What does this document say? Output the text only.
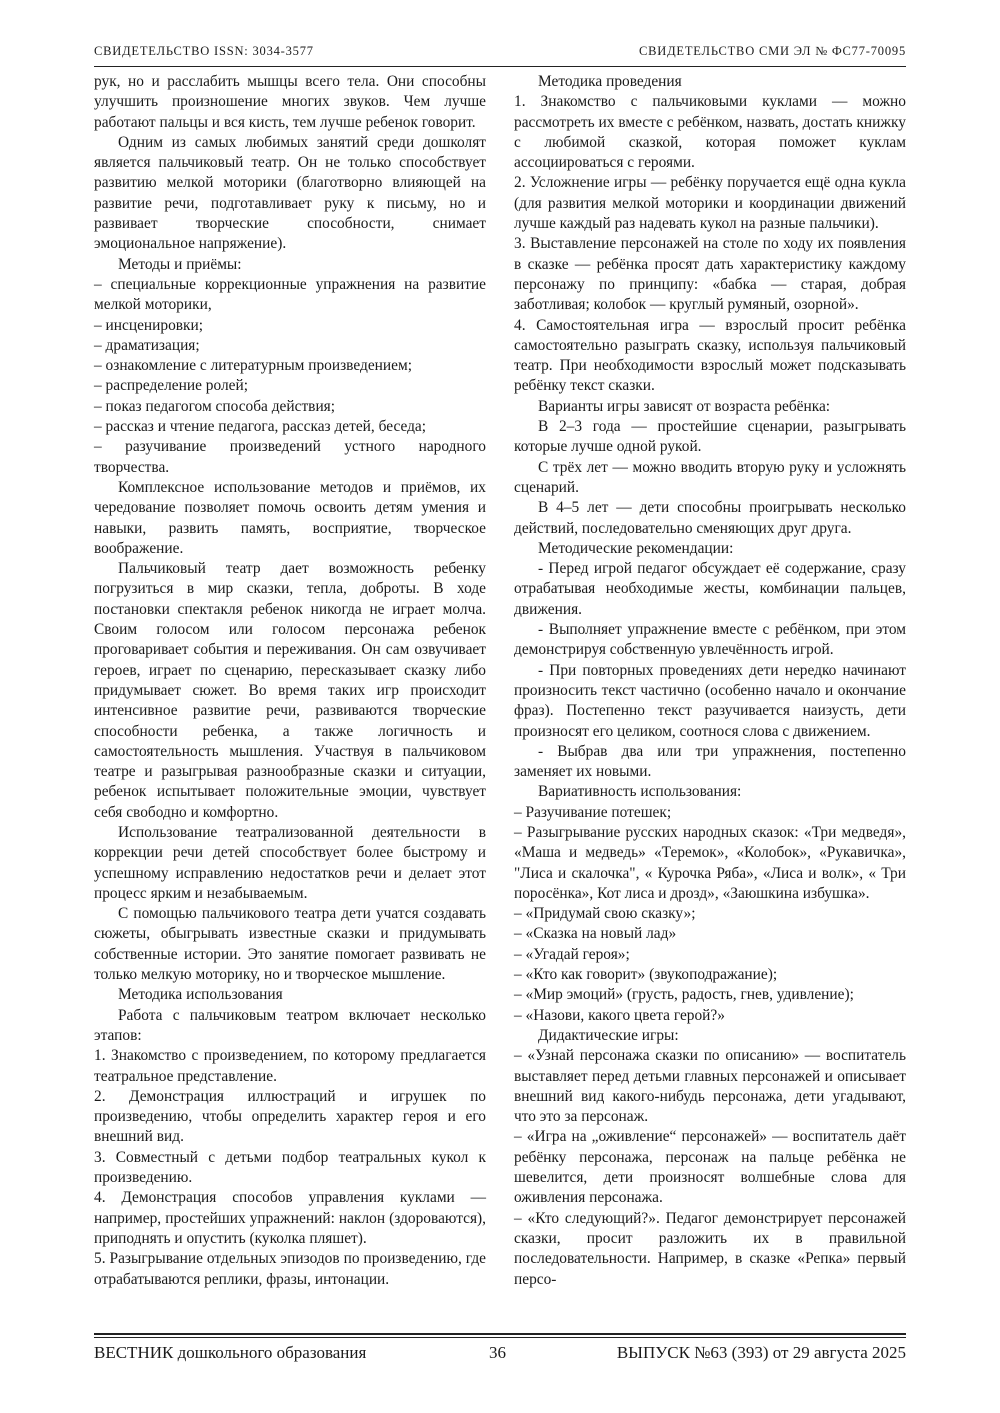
СВИДЕТЕЛЬСТВО ISSN: 3034-3577	СВИДЕТЕЛЬСТВО СМИ ЭЛ № ФС77-70095

рук, но и расслабить мышцы всего тела. Они способны улучшить произношение многих звуков. Чем лучше работают пальцы и вся кисть, тем лучше ребенок говорит.

Одним из самых любимых занятий среди дошколят является пальчиковый театр. Он не только способствует развитию мелкой моторики (благотворно влияющей на развитие речи, подготавливает руку к письму, но и развивает творческие способности, снимает эмоциональное напряжение).

Методы и приёмы:

– специальные коррекционные упражнения на развитие мелкой моторики,

– инсценировки;

– драматизация;

– ознакомление с литературным произведением;

– распределение ролей;

– показ педагогом способа действия;

– рассказ и чтение педагога, рассказ детей, беседа;

– разучивание произведений устного народного творчества.

Комплексное использование методов и приёмов, их чередование позволяет помочь освоить детям умения и навыки, развить память, восприятие, творческое воображение.

Пальчиковый театр дает возможность ребенку погрузиться в мир сказки, тепла, доброты. В ходе постановки спектакля ребенок никогда не играет молча. Своим голосом или голосом персонажа ребенок проговаривает события и переживания. Он сам озвучивает героев, играет по сценарию, пересказывает сказку либо придумывает сюжет. Во время таких игр происходит интенсивное развитие речи, развиваются творческие способности ребенка, а также логичность и самостоятельность мышления. Участвуя в пальчиковом театре и разыгрывая разнообразные сказки и ситуации, ребенок испытывает положительные эмоции, чувствует себя свободно и комфортно.

Использование театрализованной деятельности в коррекции речи детей способствует более быстрому и успешному исправлению недостатков речи и делает этот процесс ярким и незабываемым.

С помощью пальчикового театра дети учатся создавать сюжеты, обыгрывать известные сказки и придумывать собственные истории. Это занятие помогает развивать не только мелкую моторику, но и творческое мышление.

Методика использования

Работа с пальчиковым театром включает несколько этапов:

1. Знакомство с произведением, по которому предлагается театральное представление.

2. Демонстрация иллюстраций и игрушек по произведению, чтобы определить характер героя и его внешний вид.

3. Совместный с детьми подбор театральных кукол к произведению.

4. Демонстрация способов управления куклами — например, простейших упражнений: наклон (здороваются), приподнять и опустить (куколка пляшет).

5. Разыгрывание отдельных эпизодов по произведению, где отрабатываются реплики, фразы, интонации.

Методика проведения

1. Знакомство с пальчиковыми куклами — можно рассмотреть их вместе с ребёнком, назвать, достать книжку с любимой сказкой, которая поможет куклам ассоциироваться с героями.

2. Усложнение игры — ребёнку поручается ещё одна кукла (для развития мелкой моторики и координации движений лучше каждый раз надевать кукол на разные пальчики).

3. Выставление персонажей на столе по ходу их появления в сказке — ребёнка просят дать характеристику каждому персонажу по принципу: «бабка — старая, добрая заботливая; колобок — круглый румяный, озорной».

4. Самостоятельная игра — взрослый просит ребёнка самостоятельно разыграть сказку, используя пальчиковый театр. При необходимости взрослый может подсказывать ребёнку текст сказки.

Варианты игры зависят от возраста ребёнка:

В 2–3 года — простейшие сценарии, разыгрывать которые лучше одной рукой.

С трёх лет — можно вводить вторую руку и усложнять сценарий.

В 4–5 лет — дети способны проигрывать несколько действий, последовательно сменяющих друг друга.

Методические рекомендации:

- Перед игрой педагог обсуждает её содержание, сразу отрабатывая необходимые жесты, комбинации пальцев, движения.

- Выполняет упражнение вместе с ребёнком, при этом демонстрируя собственную увлечённость игрой.

- При повторных проведениях дети нередко начинают произносить текст частично (особенно начало и окончание фраз). Постепенно текст разучивается наизусть, дети произносят его целиком, соотнося слова с движением.

- Выбрав два или три упражнения, постепенно заменяет их новыми.

Вариативность использования:

– Разучивание потешек;

– Разыгрывание русских народных сказок: «Три медведя», «Маша и медведь» «Теремок», «Колобок», «Рукавичка», "Лиса и скалочка", « Курочка Ряба», «Лиса и волк», « Три поросёнка», Кот лиса и дрозд», «Заюшкина избушка».

– «Придумай свою сказку»;

– «Сказка на новый лад»

– «Угадай героя»;

– «Кто как говорит» (звукоподражание);

– «Мир эмоций» (грусть, радость, гнев, удивление);

– «Назови, какого цвета герой?»

Дидактические игры:

– «Узнай персонажа сказки по описанию» — воспитатель выставляет перед детьми главных персонажей и описывает внешний вид какого-нибудь персонажа, дети угадывают, что это за персонаж.

– «Игра на „оживление“ персонажей» — воспитатель даёт ребёнку персонажа, персонаж на пальце ребёнка не шевелится, дети произносят волшебные слова для оживления персонажа.

– «Кто следующий?». Педагог демонстрирует персонажей сказки, просит разложить их в правильной последовательности. Например, в сказке «Репка» первый персо-

ВЕСТНИК дошкольного образования	36	ВЫПУСК №63 (393) от 29 августа 2025
